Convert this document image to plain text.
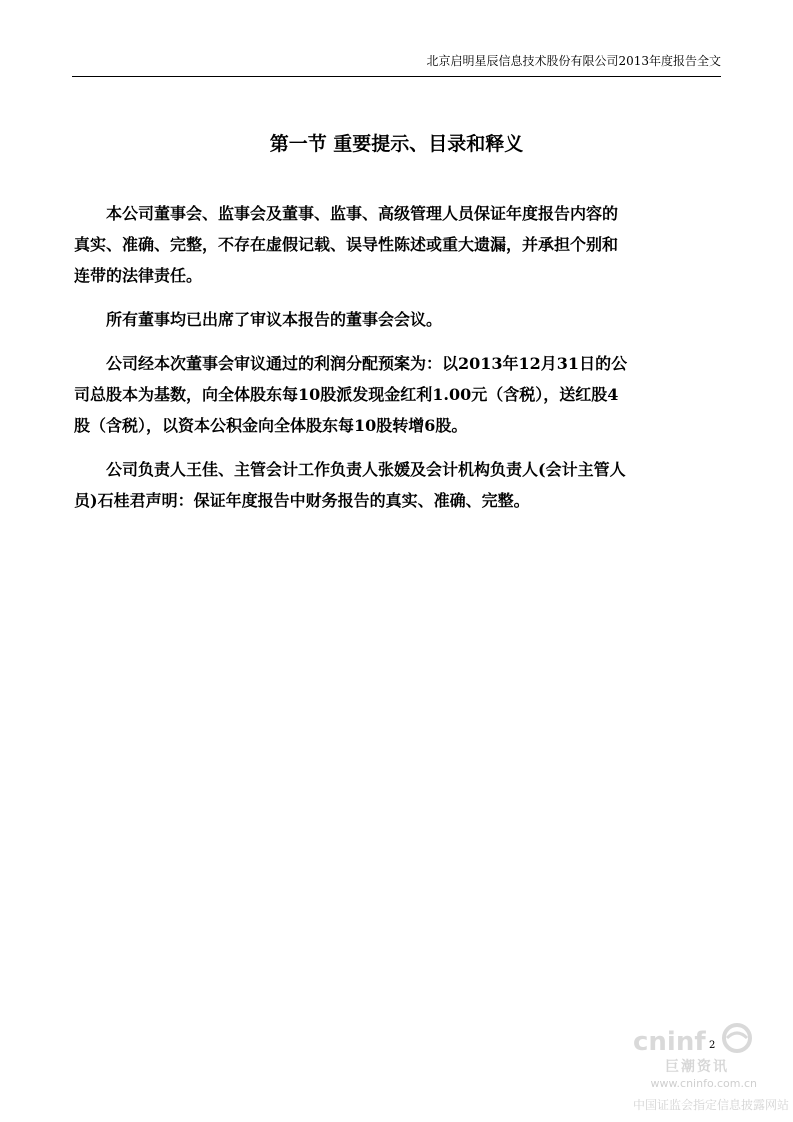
北京启明星辰信息技术股份有限公司2013年度报告全文
第一节 重要提示、目录和释义
本公司董事会、监事会及董事、监事、高级管理人员保证年度报告内容的
真实、准确、完整，不存在虚假记载、误导性陈述或重大遗漏，并承担个别和
连带的法律责任。
所有董事均已出席了审议本报告的董事会会议。
公司经本次董事会审议通过的利润分配预案为：以2013年12月31日的公
司总股本为基数，向全体股东每10股派发现金红利1.00元（含税），送红股4
股（含税），以资本公积金向全体股东每10股转增6股。
公司负责人王佳、主管会计工作负责人张媛及会计机构负责人(会计主管人
员)石桂君声明：保证年度报告中财务报告的真实、准确、完整。
2
cninf
巨潮资讯
www.cninfo.com.cn
中国证监会指定信息披露网站
